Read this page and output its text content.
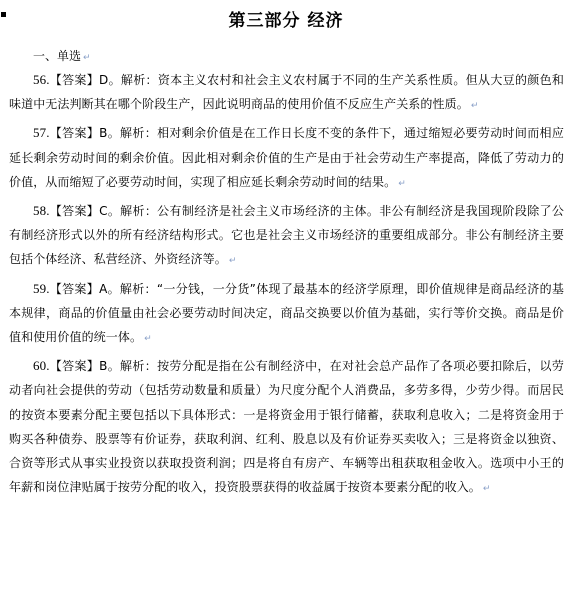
第三部分 经济
一、单选 ↵

56.【答案】D。解析：资本主义农村和社会主义农村属于不同的生产关系性质。但从大豆的颜色和味道中无法判断其在哪个阶段生产，因此说明商品的使用价值不反应生产关系的性质。 ↵

57.【答案】B。解析：相对剩余价值是在工作日长度不变的条件下，通过缩短必要劳动时间而相应延长剩余劳动时间的剩余价值。因此相对剩余价值的生产是由于社会劳动生产率提高，降低了劳动力的价值，从而缩短了必要劳动时间，实现了相应延长剩余劳动时间的结果。 ↵

58.【答案】C。解析：公有制经济是社会主义市场经济的主体。非公有制经济是我国现阶段除了公有制经济形式以外的所有经济结构形式。它也是社会主义市场经济的重要组成部分。非公有制经济主要包括个体经济、私营经济、外资经济等。 ↵

59.【答案】A。解析：“一分钱，一分货”体现了最基本的经济学原理，即价值规律是商品经济的基本规律，商品的价值量由社会必要劳动时间决定，商品交换要以价值为基础，实行等价交换。商品是价值和使用价值的统一体。 ↵

60.【答案】B。解析：按劳分配是指在公有制经济中，在对社会总产品作了各项必要扣除后，以劳动者向社会提供的劳动（包括劳动数量和质量）为尺度分配个人消费品，多劳多得，少劳少得。而居民的按资本要素分配主要包括以下具体形式：一是将资金用于银行储蓄，获取利息收入；二是将资金用于购买各种债券、股票等有价证券，获取利润、红利、股息以及有价证券买卖收入；三是将资金以独资、合资等形式从事实业投资以获取投资利润；四是将自有房产、车辆等出租获取租金收入。选项中小王的年薪和岗位津贴属于按劳分配的收入，投资股票获得的收益属于按资本要素分配的收入。 ↵
